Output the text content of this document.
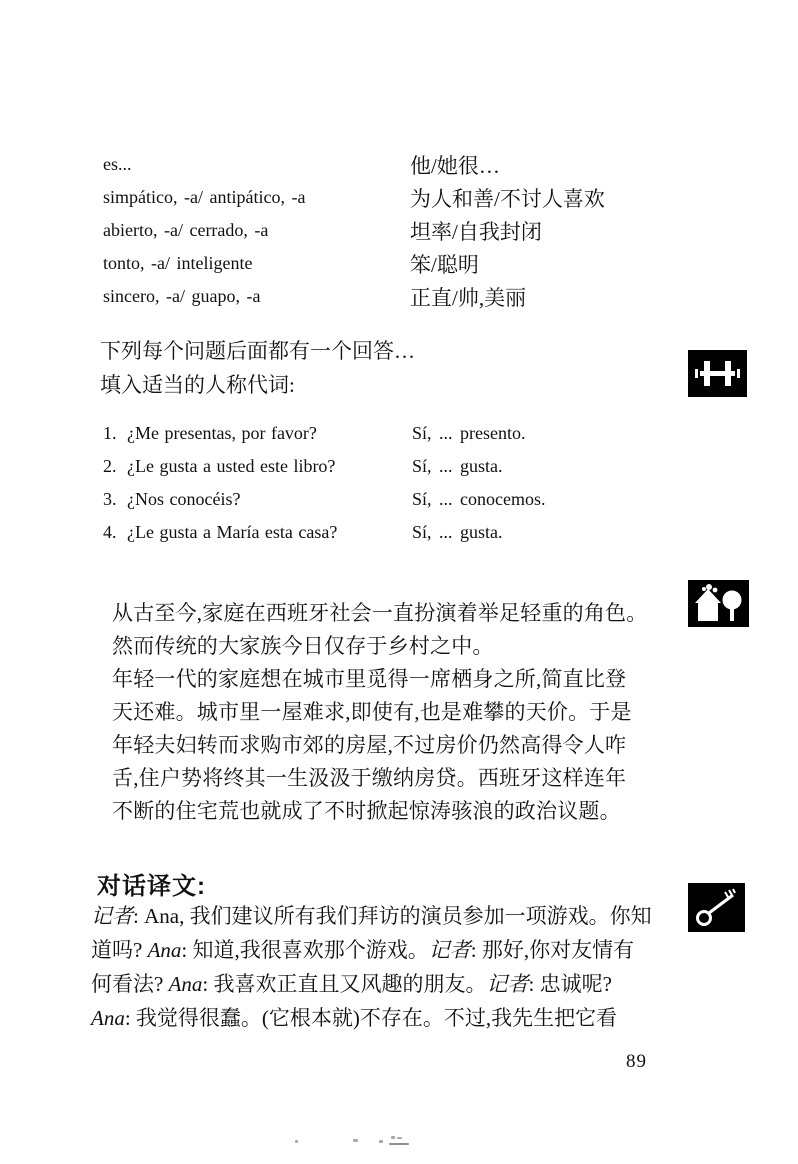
es...	他/她很…
simpático, -a/ antipático, -a	为人和善/不讨人喜欢
abierto, -a/ cerrado, -a	坦率/自我封闭
tonto, -a/ inteligente	笨/聪明
sincero, -a/ guapo, -a	正直/帅,美丽
下列每个问题后面都有一个回答…
填入适当的人称代词:
1. ¿Me presentas, por favor?	Sí, ... presento.
2. ¿Le gusta a usted este libro?	Sí, ... gusta.
3. ¿Nos conocéis?	Sí, ... conocemos.
4. ¿Le gusta a María esta casa?	Sí, ... gusta.
从古至今,家庭在西班牙社会一直扮演着举足轻重的角色。
然而传统的大家族今日仅存于乡村之中。
年轻一代的家庭想在城市里觅得一席栖身之所,简直比登
天还难。城市里一屋难求,即使有,也是难攀的天价。于是
年轻夫妇转而求购市郊的房屋,不过房价仍然高得令人咋
舌,住户势将终其一生汲汲于缴纳房贷。西班牙这样连年
不断的住宅荒也就成了不时掀起惊涛骇浪的政治议题。
对话译文:
记者: Ana, 我们建议所有我们拜访的演员参加一项游戏。你知
道吗? Ana: 知道,我很喜欢那个游戏。记者: 那好,你对友情有
何看法? Ana: 我喜欢正直且又风趣的朋友。记者: 忠诚呢?
Ana: 我觉得很蠢。(它根本就)不存在。不过,我先生把它看
89
